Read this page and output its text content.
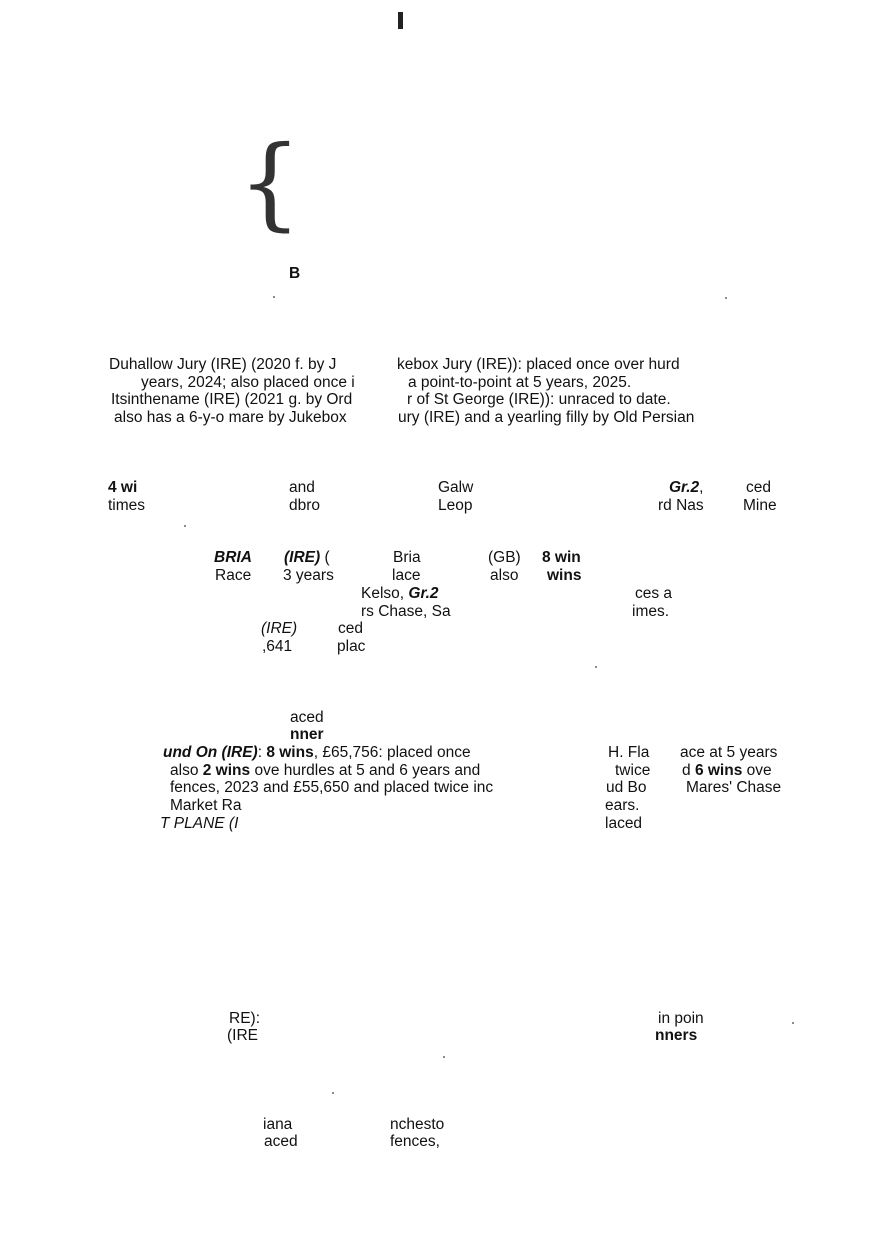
{
B
Duhallow Jury (IRE) (2020 f. by J	kebox Jury (IRE)): placed once over hurd
years, 2024; also placed once i	a point-to-point at 5 years, 2025.
Itsinthename (IRE) (2021 g. by Ord	r of St George (IRE)): unraced to date.
also has a 6-y-o mare by Jukebox	ury (IRE) and a yearling filly by Old Persian
4 wi
times
and
dbro
Galw
Leop
Gr.2,
rd Nas
ced
Mine
BRIA
Race
(IRE) (
3 years
Bria
lace
(GB)
also
8 win
wins
Kelso, Gr.2
rs Chase, Sa
ces a
imes.
(IRE)
,641
ced
plac
aced
nner
und On (IRE): 8 wins, £65,756: placed once
also 2 wins ove hurdles at 5 and 6 years and
fences, 2023 and £55,650 and placed twice inc
Market Ra
T PLANE (I
H. Fla
twice
ud Bo
ears.
laced
ace at 5 years
d 6 wins ove
Mares' Chase
RE):
(IRE
in poin
nners
iana
aced
nchesto
fences,
